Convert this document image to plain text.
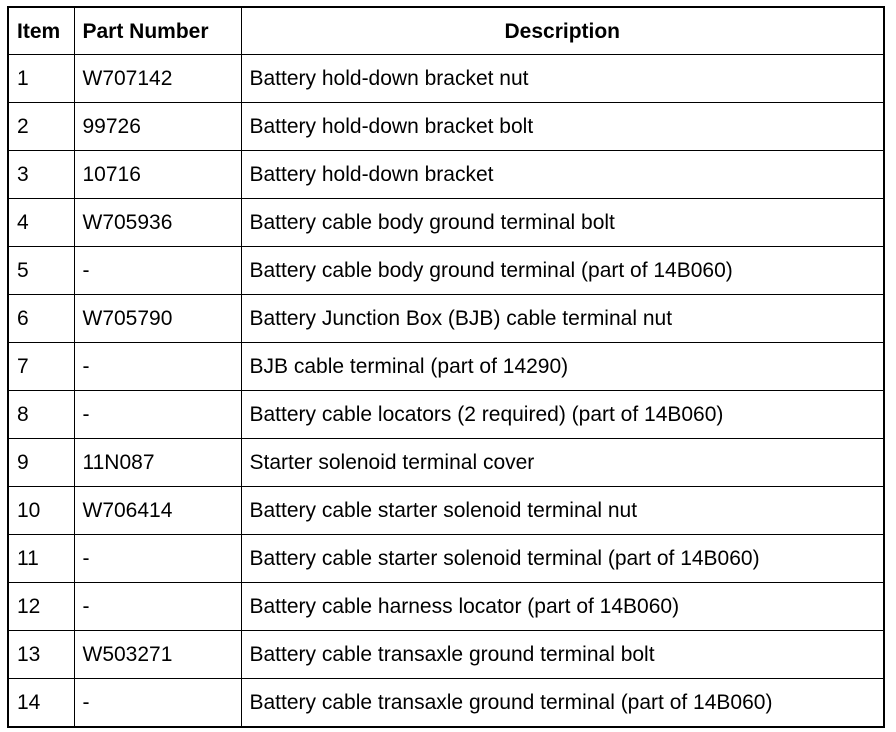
Item	Part Number	Description
1	W707142	Battery hold-down bracket nut
2	99726	Battery hold-down bracket bolt
3	10716	Battery hold-down bracket
4	W705936	Battery cable body ground terminal bolt
5	-	Battery cable body ground terminal (part of 14B060)
6	W705790	Battery Junction Box (BJB) cable terminal nut
7	-	BJB cable terminal (part of 14290)
8	-	Battery cable locators (2 required) (part of 14B060)
9	11N087	Starter solenoid terminal cover
10	W706414	Battery cable starter solenoid terminal nut
11	-	Battery cable starter solenoid terminal (part of 14B060)
12	-	Battery cable harness locator (part of 14B060)
13	W503271	Battery cable transaxle ground terminal bolt
14	-	Battery cable transaxle ground terminal (part of 14B060)
